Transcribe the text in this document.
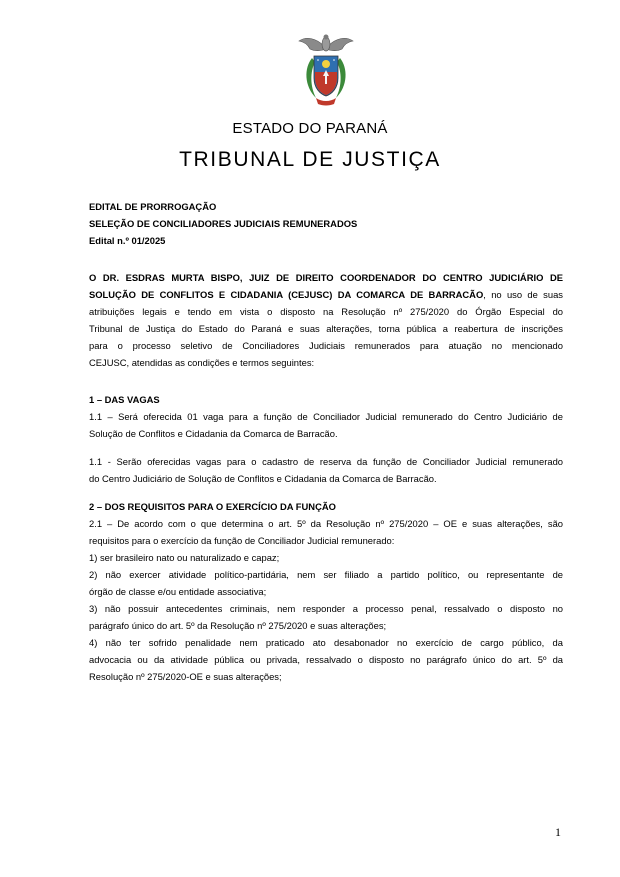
ESTADO DO PARANÁ
TRIBUNAL DE JUSTIÇA
EDITAL DE PRORROGAÇÃO
SELEÇÃO DE CONCILIADORES JUDICIAIS REMUNERADOS
Edital n.º 01/2025
O DR. ESDRAS MURTA BISPO, JUIZ DE DIREITO COORDENADOR DO CENTRO JUDICIÁRIO DE
SOLUÇÃO DE CONFLITOS E CIDADANIA (CEJUSC) DA COMARCA DE BARRACÃO, no uso de suas
atribuições legais e tendo em vista o disposto na Resolução nº 275/2020 do Órgão Especial do
Tribunal de Justiça do Estado do Paraná e suas alterações, torna pública a reabertura de inscrições
para o processo seletivo de Conciliadores Judiciais remunerados para atuação no mencionado
CEJUSC, atendidas as condições e termos seguintes:
1 – DAS VAGAS
1.1 – Será oferecida 01 vaga para a função de Conciliador Judicial remunerado do Centro Judiciário de
Solução de Conflitos e Cidadania da Comarca de Barracão.
1.1 - Serão oferecidas vagas para o cadastro de reserva da função de Conciliador Judicial remunerado
do Centro Judiciário de Solução de Conflitos e Cidadania da Comarca de Barracão.
2 – DOS REQUISITOS PARA O EXERCÍCIO DA FUNÇÃO
2.1 – De acordo com o que determina o art. 5º da Resolução nº 275/2020 – OE e suas alterações, são
requisitos para o exercício da função de Conciliador Judicial remunerado:
1) ser brasileiro nato ou naturalizado e capaz;
2) não exercer atividade político-partidária, nem ser filiado a partido político, ou representante de
órgão de classe e/ou entidade associativa;
3) não possuir antecedentes criminais, nem responder a processo penal, ressalvado o disposto no
parágrafo único do art. 5º da Resolução nº 275/2020 e suas alterações;
4) não ter sofrido penalidade nem praticado ato desabonador no exercício de cargo público, da
advocacia ou da atividade pública ou privada, ressalvado o disposto no parágrafo único do art. 5º da
Resolução nº 275/2020-OE e suas alterações;
1
